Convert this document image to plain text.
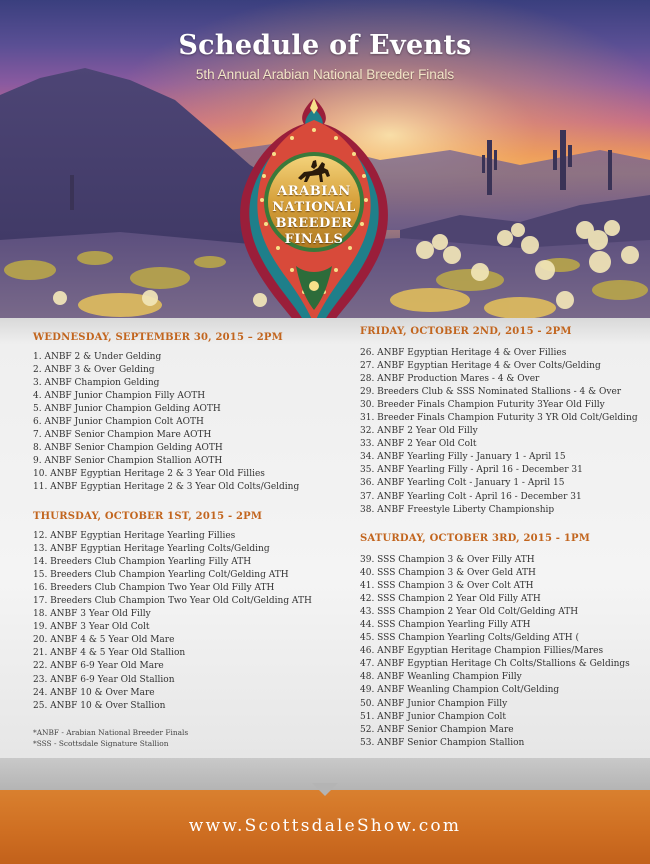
Schedule of Events
5th Annual Arabian National Breeder Finals
ARABIAN
NATIONAL
BREEDER
FINALS
WEDNESDAY, SEPTEMBER 30, 2015 – 2PM
1. ANBF 2 & Under Gelding
2. ANBF 3 & Over Gelding
3. ANBF Champion Gelding
4. ANBF Junior Champion Filly AOTH
5. ANBF Junior Champion Gelding AOTH
6. ANBF Junior Champion Colt AOTH
7. ANBF Senior Champion Mare AOTH
8. ANBF Senior Champion Gelding AOTH
9. ANBF Senior Champion Stallion AOTH
10. ANBF Egyptian Heritage 2 & 3 Year Old Fillies
11. ANBF Egyptian Heritage 2 & 3 Year Old Colts/Gelding
THURSDAY, OCTOBER 1ST, 2015 - 2PM
12. ANBF Egyptian Heritage Yearling Fillies
13. ANBF Egyptian Heritage Yearling Colts/Gelding
14. Breeders Club Champion Yearling Filly ATH
15. Breeders Club Champion Yearling Colt/Gelding ATH
16. Breeders Club Champion Two Year Old Filly ATH
17. Breeders Club Champion Two Year Old Colt/Gelding ATH
18. ANBF 3 Year Old Filly
19. ANBF 3 Year Old Colt
20. ANBF 4 & 5 Year Old Mare
21. ANBF 4 & 5 Year Old Stallion
22. ANBF 6-9 Year Old Mare
23. ANBF 6-9 Year Old Stallion
24. ANBF 10 & Over Mare
25. ANBF 10 & Over Stallion
*ANBF - Arabian National Breeder Finals
*SSS - Scottsdale Signature Stallion
FRIDAY, OCTOBER 2ND, 2015 - 2PM
26. ANBF Egyptian Heritage 4 & Over Fillies
27. ANBF Egyptian Heritage 4 & Over Colts/Gelding
28. ANBF Production Mares - 4 & Over
29. Breeders Club & SSS Nominated Stallions - 4 & Over
30. Breeder Finals Champion Futurity 3Year Old Filly
31. Breeder Finals Champion Futurity 3 YR Old Colt/Gelding
32. ANBF 2 Year Old Filly
33. ANBF 2 Year Old Colt
34. ANBF Yearling Filly - January 1 - April 15
35. ANBF Yearling Filly - April 16 - December 31
36. ANBF Yearling Colt - January 1 - April 15
37. ANBF Yearling Colt - April 16 - December 31
38. ANBF Freestyle Liberty Championship
SATURDAY, OCTOBER 3RD, 2015 - 1PM
39. SSS Champion 3 & Over Filly ATH
40. SSS Champion 3 & Over Geld ATH
41. SSS Champion 3 & Over Colt ATH
42. SSS Champion 2 Year Old Filly ATH
43. SSS Champion 2 Year Old Colt/Gelding ATH
44. SSS Champion Yearling Filly ATH
45. SSS Champion Yearling Colts/Gelding ATH (
46. ANBF Egyptian Heritage Champion Fillies/Mares
47. ANBF Egyptian Heritage Ch Colts/Stallions & Geldings
48. ANBF Weanling Champion Filly
49. ANBF Weanling Champion Colt/Gelding
50. ANBF Junior Champion Filly
51. ANBF Junior Champion Colt
52. ANBF Senior Champion Mare
53. ANBF Senior Champion Stallion
www.ScottsdaleShow.com
